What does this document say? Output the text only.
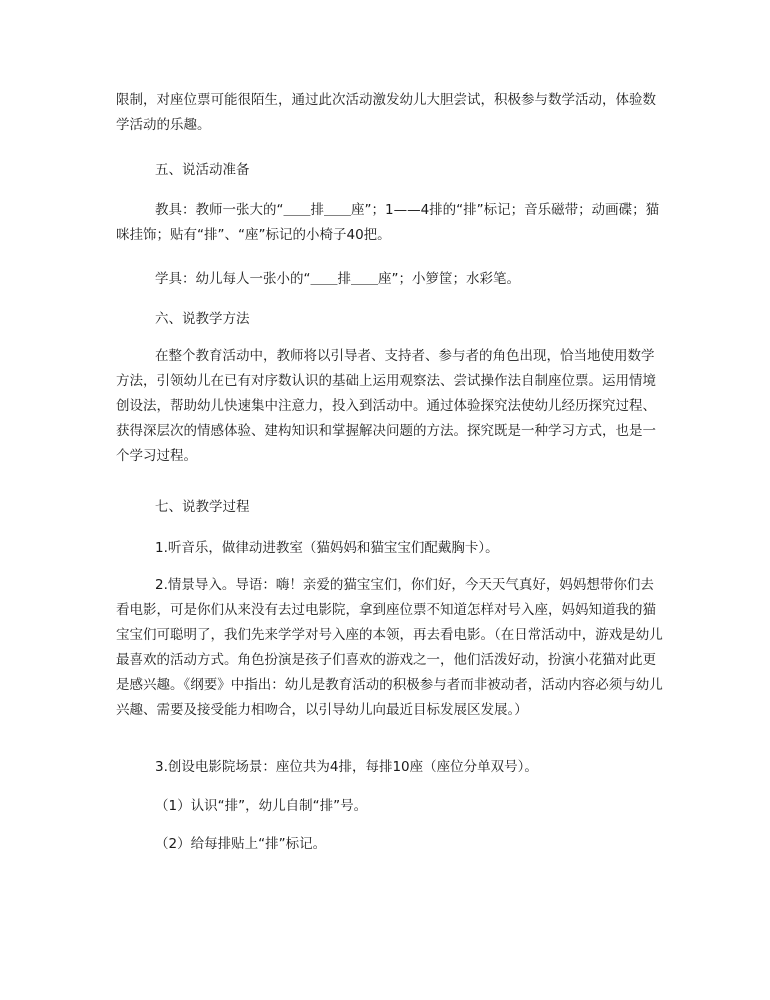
限制，对座位票可能很陌生，通过此次活动激发幼儿大胆尝试，积极参与数学活动，体验数学活动的乐趣。

五、说活动准备

教具：教师一张大的“＿＿排＿＿座”；1——4排的“排”标记；音乐磁带；动画碟；猫咪挂饰；贴有“排”、“座”标记的小椅子40把。

学具：幼儿每人一张小的“＿＿排＿＿座”；小箩筐；水彩笔。

六、说教学方法

在整个教育活动中，教师将以引导者、支持者、参与者的角色出现，恰当地使用数学方法，引领幼儿在已有对序数认识的基础上运用观察法、尝试操作法自制座位票。运用情境创设法，帮助幼儿快速集中注意力，投入到活动中。通过体验探究法使幼儿经历探究过程、获得深层次的情感体验、建构知识和掌握解决问题的方法。探究既是一种学习方式，也是一个学习过程。

七、说教学过程

1.听音乐，做律动进教室（猫妈妈和猫宝宝们配戴胸卡）。

2.情景导入。导语：嗨！亲爱的猫宝宝们，你们好，今天天气真好，妈妈想带你们去看电影，可是你们从来没有去过电影院，拿到座位票不知道怎样对号入座，妈妈知道我的猫宝宝们可聪明了，我们先来学学对号入座的本领，再去看电影。（在日常活动中，游戏是幼儿最喜欢的活动方式。角色扮演是孩子们喜欢的游戏之一，他们活泼好动，扮演小花猫对此更是感兴趣。《纲要》中指出：幼儿是教育活动的积极参与者而非被动者，活动内容必须与幼儿兴趣、需要及接受能力相吻合，以引导幼儿向最近目标发展区发展。）

3.创设电影院场景：座位共为4排，每排10座（座位分单双号）。

（1）认识“排”，幼儿自制“排”号。

（2）给每排贴上“排”标记。
